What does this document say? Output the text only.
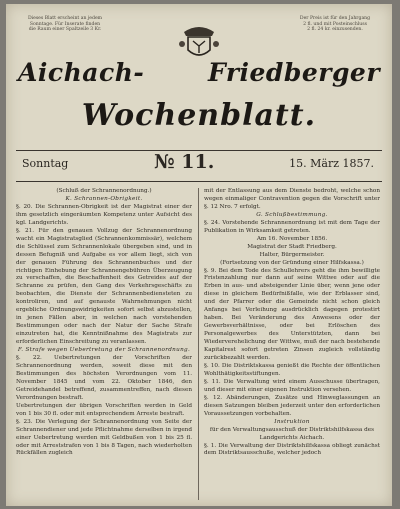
Dieses Blatt erscheint an jedem
Sonntage. Für Inserate finden
die Raum einer Spaltzeile 3 Kr.
Der Preis ist für den Jahrgang
2 fl. und mit Posteinschluss
2 fl. 24 kr. einzusenden.
Aichach-	Friedberger
Wochenblatt.
Sonntag	№ 11.	15. März 1857.

(Schluß der Schrannenordnung.)

K. Schrannen-Obrigkeit.

§. 20. Die Schrannen-Obrigkeit ist der Magistrat einer der ihm gesetzlich eingeräumten Kompetenz unter Aufsicht des kgl. Landgerichts.

§. 21. Für den genauen Vollzug der Schrannenordnung wacht ein Magistratsglied (Schrannenkommissär), welchem die Schlüssel zum Schrannenlokale übergeben sind, und in dessen Befugniß und Aufgabe es vor allem liegt, sich von der genauen Führung des Schrannenbuches und der richtigen Einhebung der Schrannengebühren Überzeugung zu verschaffen, die Beschaffenheit des Getreides auf der Schranne zu prüfen, den Gang des Verkehrsgeschäfts zu beobachten, die Dienste der Schrannenbediensteten zu kontroliren, und auf genauste Wahrnehmungen nicht ergebliche Ordnungswidrigkeiten sofort selbst abzustellen, in jenen Fällen aber, in welchen nach vorstehenden Bestimmungen oder nach der Natur der Sache Strafe einzutreten hat, die Kenntnißnahme des Magistrats zur erforderlichen Einschreitung zu veranlassen.

F. Strafe wegen Uebertretung der Schrannenordnung.

§. 22. Uebertretungen der Vorschriften der Schrannenordnung werden, soweit diese mit den Bestimmungen des höchsten Verordnungen vom 11. November 1845 und vom 22. Oktober 1846, den Getreidehandel betreffend, zusammentreffen, nach diesen Verordnungen bestraft.

Uebertretungen der übrigen Vorschriften werden in Geld von 1 bis 30 fl. oder mit entsprechendem Arreste bestraft.

§. 23. Die Verlegung der Schrannenordnung von Seite der Schrannendiener und jede Pflichtnahme derselben in irgend einer Uebertretung werden mit Geldbußen von 1 bis 25 fl. oder mit Arreststrafen von 1 bis 8 Tagen, nach wiederholten Rückfällen zugleich

mit der Entlassung aus dem Dienste bedroht, welche schon wegen einmaliger Contravention gegen die Vorschrift unter §. 12 Nro. 7 erfolgt.

G. Schlußbestimmung.

§. 24. Vorstehende Schrannenordnung ist mit dem Tage der Publikation in Wirksamkeit getreten.

Am 16. November 1856.

Magistrat der Stadt Friedberg.

Halter, Bürgermeister.

(Fortsetzung von der Gründung einer Hilfskassa.)

§. 9. Bei dem Tode des Schullehrers geht die ihm bewilligte Fristenzahlung nur dann auf seine Wittwe oder auf die Erben in aus- und absteigender Linie über, wenn jene oder diese in gleichem Bedürfnißfalle, wie der Erblasser sind, und der Pfarrer oder die Gemeinde nicht schon gleich Anfangs bei Verleihung ausdrücklich dagegen protestirt haben. Bei Veränderung des Anwesens oder der Gewerbsverhältnisse, oder bei Erlöschen des Personalgewerbes des Unterstützten, dann bei Wiederverehelichung der Wittwe, muß der nach bestehende Kapitalrest sofort getreten Zinsen zugleich vollständig zurückbezahlt werden.

§. 10. Die Distriktskassa genießt die Rechte der öffentlichen Wohlthätigkeitsstiftungen.

§. 11. Die Verwaltung wird einem Ausschusse übertragen, und dieser mit einer eigenen Instruktion versehen.

§. 12. Abänderungen, Zusätze und Hinweglassungen an diesen Satzungen bleiben jederzeit unter den erforderlichen Voraussetzungen vorbehalten.

Instruktion

für den Verwaltungsausschuß der Distriktshilfskassa des Landgerichts Aichach.

§. 1. Die Verwaltung der Distriktshilfskassa obliegt zunächst dem Distriktsausschuße, welcher jedoch
